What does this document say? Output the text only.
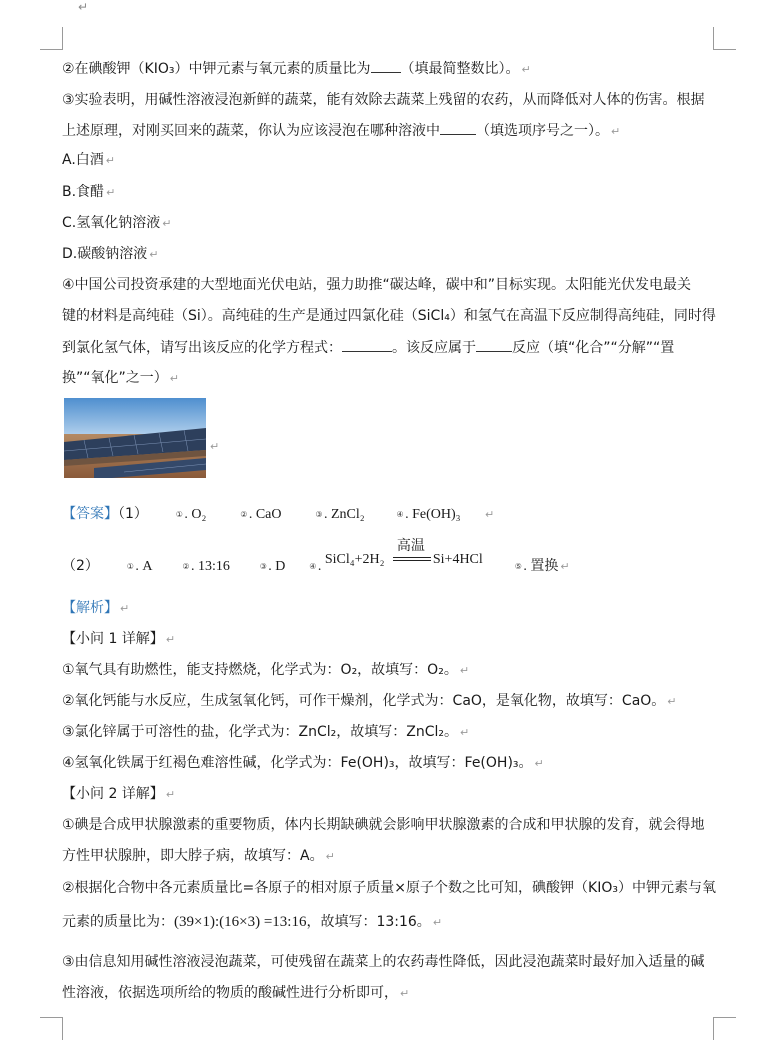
↵
②在碘酸钾（KIO₃）中钾元素与氧元素的质量比为 （填最简整数比）。 ↵
③实验表明，用碱性溶液浸泡新鲜的蔬菜，能有效除去蔬菜上残留的农药，从而降低对人体的伤害。根据
上述原理，对刚买回来的蔬菜，你认为应该浸泡在哪种溶液中	（填选项序号之一）。 ↵
A.白酒 ↵
B.食醋 ↵
C.氢氧化钠溶液 ↵
D.碳酸钠溶液 ↵
④中国公司投资承建的大型地面光伏电站，强力助推“碳达峰，碳中和”目标实现。太阳能光伏发电最关
键的材料是高纯硅（Si）。高纯硅的生产是通过四氯化硅（SiCl₄）和氢气在高温下反应制得高纯硅，同时得
到氯化氢气体，请写出该反应的化学方程式：	。该反应属于	反应（填“化合”“分解”“置
换”“氧化”之一） ↵
↵
【答案】（1）	①. O₂	②. CaO	③. ZnCl₂	④. Fe(OH)₃ ↵
（2）	①. A	②. 13:16	③. D	④. SiCl₄+2H₂
高温
Si+4HCl	⑤. 置换 ↵
【解析】 ↵
【小问 1 详解】 ↵
①氧气具有助燃性，能支持燃烧，化学式为：O₂，故填写：O₂。 ↵
②氧化钙能与水反应，生成氢氧化钙，可作干燥剂，化学式为：CaO，是氧化物，故填写：CaO。 ↵
③氯化锌属于可溶性的盐，化学式为：ZnCl₂，故填写：ZnCl₂。 ↵
④氢氧化铁属于红褐色难溶性碱，化学式为：Fe(OH)₃，故填写：Fe(OH)₃。 ↵
【小问 2 详解】 ↵
①碘是合成甲状腺激素的重要物质，体内长期缺碘就会影响甲状腺激素的合成和甲状腺的发育，就会得地
方性甲状腺肿，即大脖子病，故填写：A。 ↵
②根据化合物中各元素质量比=各原子的相对原子质量×原子个数之比可知，碘酸钾（KIO₃）中钾元素与氧
元素的质量比为：(39×1):(16×3) =13:16，故填写：13:16。 ↵
③由信息知用碱性溶液浸泡蔬菜，可使残留在蔬菜上的农药毒性降低，因此浸泡蔬菜时最好加入适量的碱
性溶液，依据选项所给的物质的酸碱性进行分析即可， ↵
